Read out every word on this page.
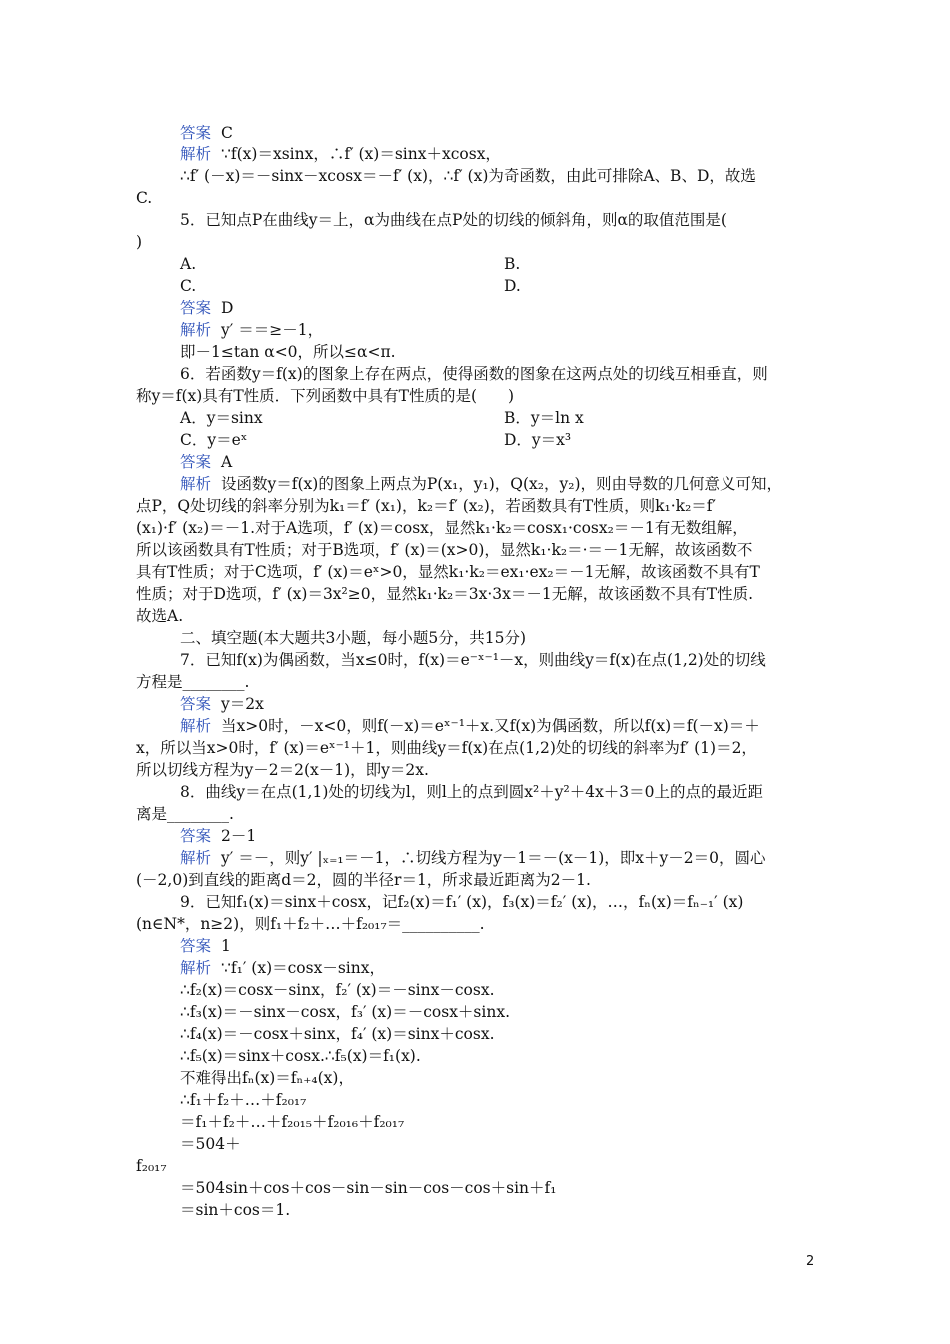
答案 C
解析 ∵f(x)＝xsinx，∴f′ (x)＝sinx＋xcosx，
∴f′ (－x)＝－sinx－xcosx＝－f′ (x)，∴f′ (x)为奇函数，由此可排除A、B、D，故选
C.
5．已知点P在曲线y＝上，α为曲线在点P处的切线的倾斜角，则α的取值范围是(
)
A.	B.
C.	D.
答案 D
解析 y′ ＝＝≥－1，
即－1≤tan α<0，所以≤α<π.
6．若函数y＝f(x)的图象上存在两点，使得函数的图象在这两点处的切线互相垂直，则
称y＝f(x)具有T性质．下列函数中具有T性质的是(　　)
A．y＝sinx	B．y＝ln x
C．y＝eˣ	D．y＝x³
答案 A
解析 设函数y＝f(x)的图象上两点为P(x₁，y₁)，Q(x₂，y₂)，则由导数的几何意义可知，
点P，Q处切线的斜率分别为k₁＝f′ (x₁)，k₂＝f′ (x₂)，若函数具有T性质，则k₁·k₂＝f′
(x₁)·f′ (x₂)＝－1.对于A选项，f′ (x)＝cosx，显然k₁·k₂＝cosx₁·cosx₂＝－1有无数组解，
所以该函数具有T性质；对于B选项，f′ (x)＝(x>0)，显然k₁·k₂＝·＝－1无解，故该函数不
具有T性质；对于C选项，f′ (x)＝eˣ>0，显然k₁·k₂＝ex₁·ex₂＝－1无解，故该函数不具有T
性质；对于D选项，f′ (x)＝3x²≥0，显然k₁·k₂＝3x·3x＝－1无解，故该函数不具有T性质.
故选A.
二、填空题(本大题共3小题，每小题5分，共15分)
7．已知f(x)为偶函数，当x≤0时，f(x)＝e⁻ˣ⁻¹－x，则曲线y＝f(x)在点(1,2)处的切线
方程是________.
答案 y＝2x
解析 当x>0时，－x<0，则f(－x)＝eˣ⁻¹＋x.又f(x)为偶函数，所以f(x)＝f(－x)＝＋
x，所以当x>0时，f′ (x)＝eˣ⁻¹＋1，则曲线y＝f(x)在点(1,2)处的切线的斜率为f′ (1)＝2，
所以切线方程为y－2＝2(x－1)，即y＝2x.
8．曲线y＝在点(1,1)处的切线为l，则l上的点到圆x²＋y²＋4x＋3＝0上的点的最近距
离是________.
答案 2－1
解析 y′ ＝－，则y′ |ₓ₌₁＝－1，∴切线方程为y－1＝－(x－1)，即x＋y－2＝0，圆心
(－2,0)到直线的距离d＝2，圆的半径r＝1，所求最近距离为2－1.
9．已知f₁(x)＝sinx＋cosx，记f₂(x)＝f₁′ (x)，f₃(x)＝f₂′ (x)，…，fₙ(x)＝fₙ₋₁′ (x)
(n∈N*，n≥2)，则f₁＋f₂＋…＋f₂₀₁₇＝__________.
答案 1
解析 ∵f₁′ (x)＝cosx－sinx，
∴f₂(x)＝cosx－sinx，f₂′ (x)＝－sinx－cosx.
∴f₃(x)＝－sinx－cosx，f₃′ (x)＝－cosx＋sinx.
∴f₄(x)＝－cosx＋sinx，f₄′ (x)＝sinx＋cosx.
∴f₅(x)＝sinx＋cosx.∴f₅(x)＝f₁(x).
不难得出fₙ(x)＝fₙ₊₄(x)，
∴f₁＋f₂＋…＋f₂₀₁₇
＝f₁＋f₂＋…＋f₂₀₁₅＋f₂₀₁₆＋f₂₀₁₇
＝504＋
f₂₀₁₇
＝504sin＋cos＋cos－sin－sin－cos－cos＋sin＋f₁
＝sin＋cos＝1.
2
